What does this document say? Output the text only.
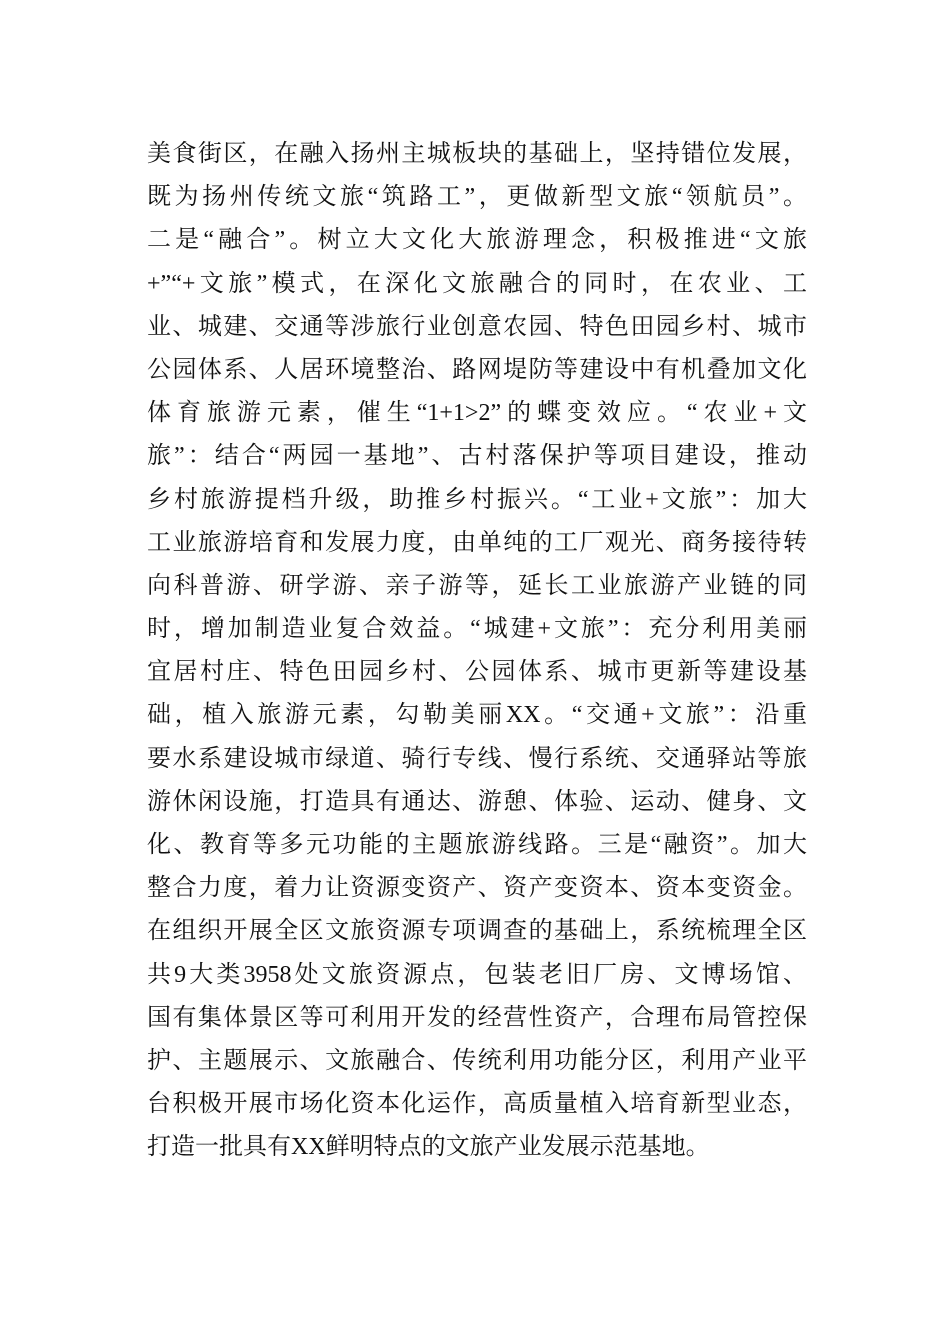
美食街区，在融入扬州主城板块的基础上，坚持错位发展，
既为扬州传统文旅“筑路工”，更做新型文旅“领航员”。
二是“融合”。树立大文化大旅游理念，积极推进“文旅
+”“+文旅”模式，在深化文旅融合的同时，在农业、工
业、城建、交通等涉旅行业创意农园、特色田园乡村、城市
公园体系、人居环境整治、路网堤防等建设中有机叠加文化
体育旅游元素，催生“1+1>2”的蝶变效应。“农业+文
旅”：结合“两园一基地”、古村落保护等项目建设，推动
乡村旅游提档升级，助推乡村振兴。“工业+文旅”：加大
工业旅游培育和发展力度，由单纯的工厂观光、商务接待转
向科普游、研学游、亲子游等，延长工业旅游产业链的同
时，增加制造业复合效益。“城建+文旅”：充分利用美丽
宜居村庄、特色田园乡村、公园体系、城市更新等建设基
础，植入旅游元素，勾勒美丽XX。“交通+文旅”：沿重
要水系建设城市绿道、骑行专线、慢行系统、交通驿站等旅
游休闲设施，打造具有通达、游憩、体验、运动、健身、文
化、教育等多元功能的主题旅游线路。三是“融资”。加大
整合力度，着力让资源变资产、资产变资本、资本变资金。
在组织开展全区文旅资源专项调查的基础上，系统梳理全区
共9大类3958处文旅资源点，包装老旧厂房、文博场馆、
国有集体景区等可利用开发的经营性资产，合理布局管控保
护、主题展示、文旅融合、传统利用功能分区，利用产业平
台积极开展市场化资本化运作，高质量植入培育新型业态，
打造一批具有XX鲜明特点的文旅产业发展示范基地。
